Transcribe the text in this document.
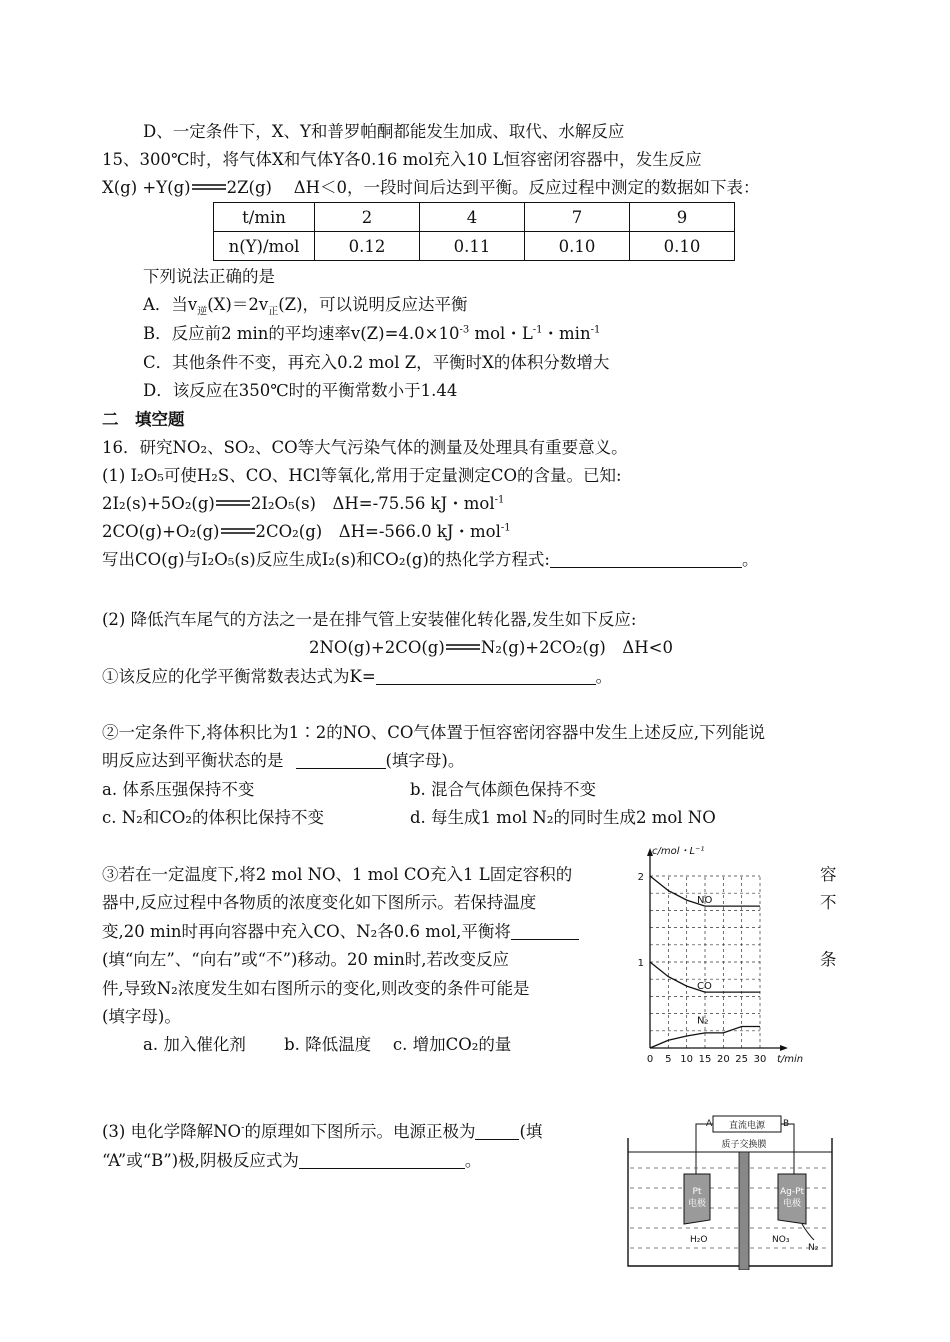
D、一定条件下，X、Y和普罗帕酮都能发生加成、取代、水解反应
15、300℃时，将气体X和气体Y各0.16 mol充入10 L恒容密闭容器中，发生反应
X(g) +Y(g) 2Z(g)　 ΔH＜0，一段时间后达到平衡。反应过程中测定的数据如下表：
t/min	2	4	7	9
n(Y)/mol	0.12	0.11	0.10	0.10
下列说法正确的是
A．当$v_逆(X)=2v_正(Z)$，可以说明反应达平衡
B．反应前2 min的平均速率$v(Z)=4.0\times 10^{-3}$ mol・$L^{-1}$・$\min^{-1}$
C．其他条件不变，再充入0.2 mol Z，平衡时X的体积分数增大
D．该反应在350℃时的平衡常数小于1.44
二　填空题
16．研究NO₂、SO₂、CO等大气污染气体的测量及处理具有重要意义。
(1) I₂O₅可使H₂S、CO、HCl等氧化,常用于定量测定CO的含量。已知:
2I₂(s)+5O₂(g) 2I₂O₅(s)　ΔH=-75.56 kJ・mol$^{-1}$
2CO(g)+O₂(g) 2CO₂(g)　ΔH=-566.0 kJ・mol$^{-1}$
写出CO(g)与I₂O₅(s)反应生成I₂(s)和CO₂(g)的热化学方程式:	。
(2) 降低汽车尾气的方法之一是在排气管上安装催化转化器,发生如下反应:
2NO(g)+2CO(g) N₂(g)+2CO₂(g)　ΔH<0
①该反应的化学平衡常数表达式为K=	。
②一定条件下,将体积比为1∶2的NO、CO气体置于恒容密闭容器中发生上述反应,下列能说
明反应达到平衡状态的是	(填字母)。
a. 体系压强保持不变	b. 混合气体颜色保持不变
c. N₂和CO₂的体积比保持不变	d. 每生成1 mol N₂的同时生成2 mol NO
③若在一定温度下,将2 mol NO、1 mol CO充入1 L固定容积的	容
器中,反应过程中各物质的浓度变化如下图所示。若保持温度	不
变,20 min时再向容器中充入CO、N₂各0.6 mol,平衡将
(填“向左”、“向右”或“不”)移动。20 min时,若改变反应	条
件,导致N₂浓度发生如右图所示的变化,则改变的条件可能是
(填字母)。
a. 加入催化剂　　 b. 降低温度　 c. 增加CO₂的量
c/mol・L⁻¹
t/min
0 5 10 15 20 25 30
1
2
NO
CO
N₂
(3) 电化学降解NO-的原理如下图所示。电源正极为	(填
“A”或“B”)极,阴极反应式为	。
A	B
直流电源
质子交换膜
Pt
电极
Ag-Pt
电极
H₂O	NO₃
N₂
